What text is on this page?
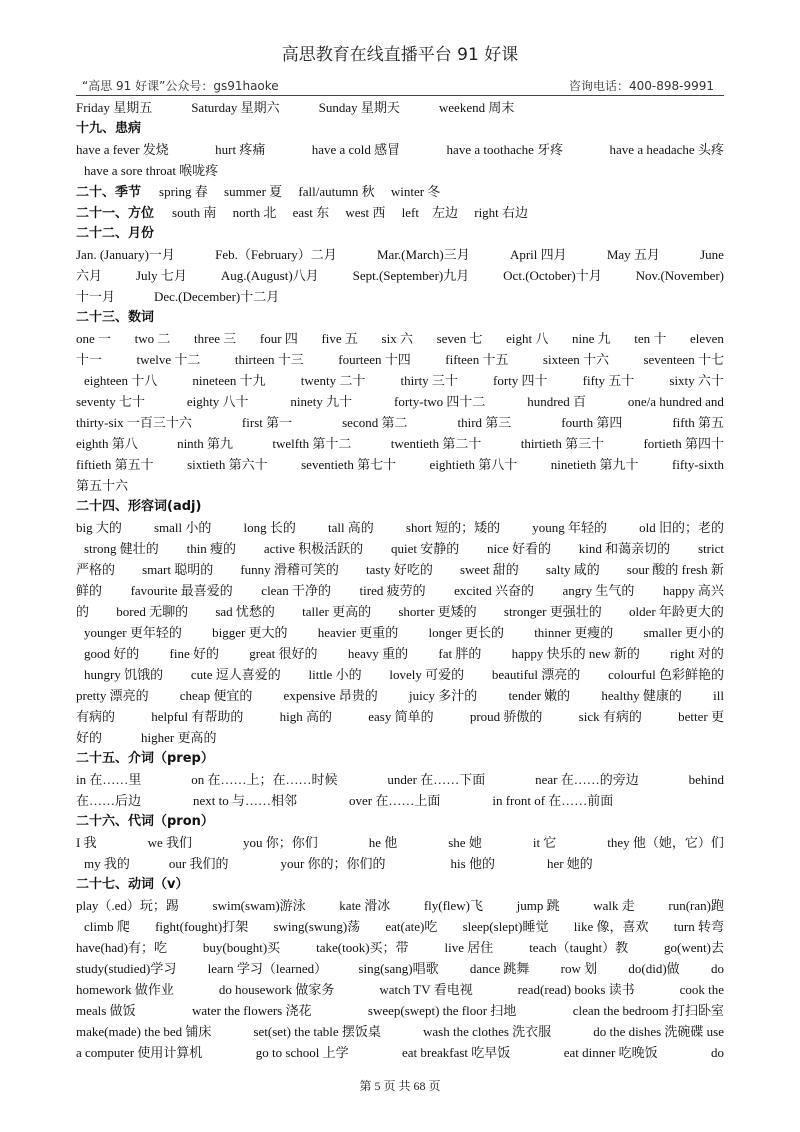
高思教育在线直播平台 91 好课
“高思 91 好课”公众号：gs91haoke	咨询电话：400-898-9991
Friday 星期五　　　Saturday 星期六　　　Sunday 星期天　　　weekend 周末
十九、患病
have a fever 发烧	hurt 疼痛	have a cold 感冒	have a toothache 牙疼	have a headache 头疼
have a sore throat 喉咙疼
二十、季节 spring 春　 summer 夏　 fall/autumn 秋　 winter 冬
二十一、方位 south 南　 north 北　 east 东　 west 西　 left　左边　 right 右边
二十二、月份
Jan. (January)一月	Feb.（February）二月	Mar.(March)三月	April 四月	May 五月	June
六月	July 七月	Aug.(August)八月	Sept.(September)九月	Oct.(October)十月	Nov.(November)
十一月　　　Dec.(December)十二月
二十三、数词
one 一 two 二 three 三 four 四 five 五 six 六 seven 七 eight 八 nine 九 ten 十 eleven
十一	twelve 十二	thirteen 十三	fourteen 十四	fifteen 十五	sixteen 十六	seventeen 十七
eighteen 十八	nineteen 十九	twenty 二十	thirty 三十	forty 四十	fifty 五十	sixty 六十
seventy 七十	eighty 八十	ninety 九十	forty-two 四十二	hundred 百	one/a hundred and
thirty-six 一百三十六	first 第一	second 第二	third 第三	fourth 第四	fifth 第五
eighth 第八	ninth 第九	twelfth 第十二	twentieth 第二十	thirtieth 第三十	fortieth 第四十
fiftieth 第五十	sixtieth 第六十	seventieth 第七十	eightieth 第八十	ninetieth 第九十	fifty-sixth
第五十六
二十四、形容词(adj)
big 大的 small 小的 long 长的 tall 高的 short 短的；矮的 young 年轻的 old 旧的；老的
strong 健壮的 thin 瘦的 active 积极活跃的 quiet 安静的 nice 好看的 kind 和蔼亲切的 strict
严格的 smart 聪明的 funny 滑稽可笑的 tasty 好吃的 sweet 甜的 salty 咸的 sour 酸的 fresh 新
鲜的 favourite 最喜爱的 clean 干净的 tired 疲劳的 excited 兴奋的 angry 生气的 happy 高兴
的 bored 无聊的 sad 忧愁的 taller 更高的 shorter 更矮的 stronger 更强壮的 older 年龄更大的
younger 更年轻的 bigger 更大的 heavier 更重的 longer 更长的 thinner 更瘦的 smaller 更小的
good 好的 fine 好的 great 很好的 heavy 重的 fat 胖的 happy 快乐的 new 新的 right 对的
hungry 饥饿的 cute 逗人喜爱的 little 小的 lovely 可爱的 beautiful 漂亮的 colourful 色彩鲜艳的
pretty 漂亮的 cheap 便宜的 expensive 昂贵的 juicy 多汁的 tender 嫩的 healthy 健康的 ill
有病的	helpful 有帮助的	high 高的	easy 简单的	proud 骄傲的	sick 有病的	better 更
好的　　　higher 更高的
二十五、介词（prep）
in 在……里	on 在……上；在……时候	under 在……下面	near 在……的旁边	behind
在……后边　　　　next to 与……相邻　　　　over 在……上面　　　　in front of 在……前面
二十六、代词（pron）
I 我	we 我们	you 你；你们	he 他	she 她	it 它	they 他（她，它）们
my 我的　　　our 我们的　　　　your 你的；你们的　　　　　his 他的　　　　her 她的
二十七、动词（v）
play（.ed）玩；踢	swim(swam)游泳	kate 滑冰	fly(flew)飞	jump 跳	walk 走	run(ran)跑
climb 爬 fight(fought)打架 swing(swung)荡 eat(ate)吃 sleep(slept)睡觉 like 像，喜欢 turn 转弯
have(had)有；吃	buy(bought)买	take(took)买；带	live 居住	teach（taught）教	go(went)去
study(studied)学习 learn 学习（learned） sing(sang)唱歌 dance 跳舞 row 划 do(did)做 do
homework 做作业	do housework 做家务	watch TV 看电视	read(read) books 读书	cook the
meals 做饭	water the flowers 浇花	sweep(swept) the floor 扫地	clean the bedroom 打扫卧室
make(made) the bed 铺床	set(set) the table 摆饭桌	wash the clothes 洗衣服	do the dishes 洗碗碟 use
a computer 使用计算机	go to school 上学	eat breakfast 吃早饭	eat dinner 吃晚饭	do
第 5 页 共 68 页
